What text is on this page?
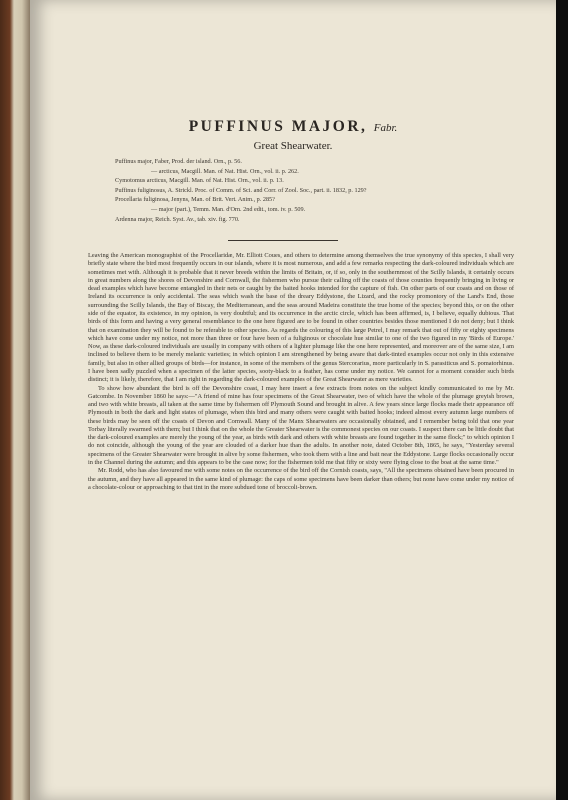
PUFFINUS MAJOR, Fabr.
Great Shearwater.
Puffinus major, Faber, Prod. der island. Orn., p. 56.
— arcticus, Macgill. Man. of Nat. Hist. Orn., vol. ii. p. 262.
Cymotomus arcticus, Macgill. Man. of Nat. Hist. Orn., vol. ii. p. 13.
Puffinus fuliginosus, A. Strickl. Proc. of Comm. of Sci. and Corr. of Zool. Soc., part. ii. 1832, p. 129?
Procellaria fuliginosa, Jenyns, Man. of Brit. Vert. Anim., p. 285?
— major (part.), Temm. Man. d'Orn. 2nd edit., tom. iv. p. 509.
Ardenna major, Reich. Syst. Av., tab. xiv. fig. 770.

Leaving the American monographist of the Procellaridæ, Mr. Elliott Coues, and others to determine among themselves the true synonymy of this species, I shall very briefly state where the bird most frequently occurs in our islands, where it is most numerous, and add a few remarks respecting the dark-coloured individuals which are sometimes met with. Although it is probable that it never breeds within the limits of Britain, or, if so, only in the southernmost of the Scilly Islands, it certainly occurs in great numbers along the shores of Devonshire and Cornwall, the fishermen who pursue their calling off the coasts of those counties frequently bringing in living or dead examples which have become entangled in their nets or caught by the baited hooks intended for the capture of fish. On other parts of our coasts and on those of Ireland its occurrence is only accidental. The seas which wash the base of the dreary Eddystone, the Lizard, and the rocky promontory of the Land's End, those surrounding the Scilly Islands, the Bay of Biscay, the Mediterranean, and the seas around Madeira constitute the true home of the species; beyond this, or on the other side of the equator, its existence, in my opinion, is very doubtful; and its occurrence in the arctic circle, which has been affirmed, is, I believe, equally dubious. That birds of this form and having a very general resemblance to the one here figured are to be found in other countries besides those mentioned I do not deny; but I think that on examination they will be found to be referable to other species. As regards the colouring of this large Petrel, I may remark that out of fifty or eighty specimens which have come under my notice, not more than three or four have been of a fuliginous or chocolate hue similar to one of the two figured in my 'Birds of Europe.' Now, as these dark-coloured individuals are usually in company with others of a lighter plumage like the one here represented, and moreover are of the same size, I am inclined to believe them to be merely melanic varieties; in which opinion I am strengthened by being aware that dark-tinted examples occur not only in this extensive family, but also in other allied groups of birds—for instance, in some of the members of the genus Stercorarius, more particularly in S. parasiticus and S. pomatorhinus. I have been sadly puzzled when a specimen of the latter species, sooty-black to a feather, has come under my notice. We cannot for a moment consider such birds distinct; it is likely, therefore, that I am right in regarding the dark-coloured examples of the Great Shearwater as mere varieties.

To show how abundant the bird is off the Devonshire coast, I may here insert a few extracts from notes on the subject kindly communicated to me by Mr. Gatcombe. In November 1860 he says:—"A friend of mine has four specimens of the Great Shearwater, two of which have the whole of the plumage greyish brown, and two with white breasts, all taken at the same time by fishermen off Plymouth Sound and brought in alive. A few years since large flocks made their appearance off Plymouth in both the dark and light states of plumage, when this bird and many others were caught with baited hooks; indeed almost every autumn large numbers of these birds may be seen off the coasts of Devon and Cornwall. Many of the Manx Shearwaters are occasionally obtained, and I remember being told that one year Torbay literally swarmed with them; but I think that on the whole the Greater Shearwater is the commonest species on our coasts. I suspect there can be little doubt that the dark-coloured examples are merely the young of the year, as birds with dark and others with white breasts are found together in the same flock;" to which opinion I do not coincide, although the young of the year are clouded of a darker hue than the adults. In another note, dated October 8th, 1865, he says, "Yesterday several specimens of the Greater Shearwater were brought in alive by some fishermen, who took them with a line and bait near the Eddystone. Large flocks occasionally occur in the Channel during the autumn; and this appears to be the case now; for the fishermen told me that fifty or sixty were flying close to the boat at the same time."

Mr. Rodd, who has also favoured me with some notes on the occurrence of the bird off the Cornish coasts, says, "All the specimens obtained have been procured in the autumn, and they have all appeared in the same kind of plumage: the caps of some specimens have been darker than others; but none have come under my notice of a chocolate-colour or approaching to that tint in the more subdued tone of broccoli-brown.
